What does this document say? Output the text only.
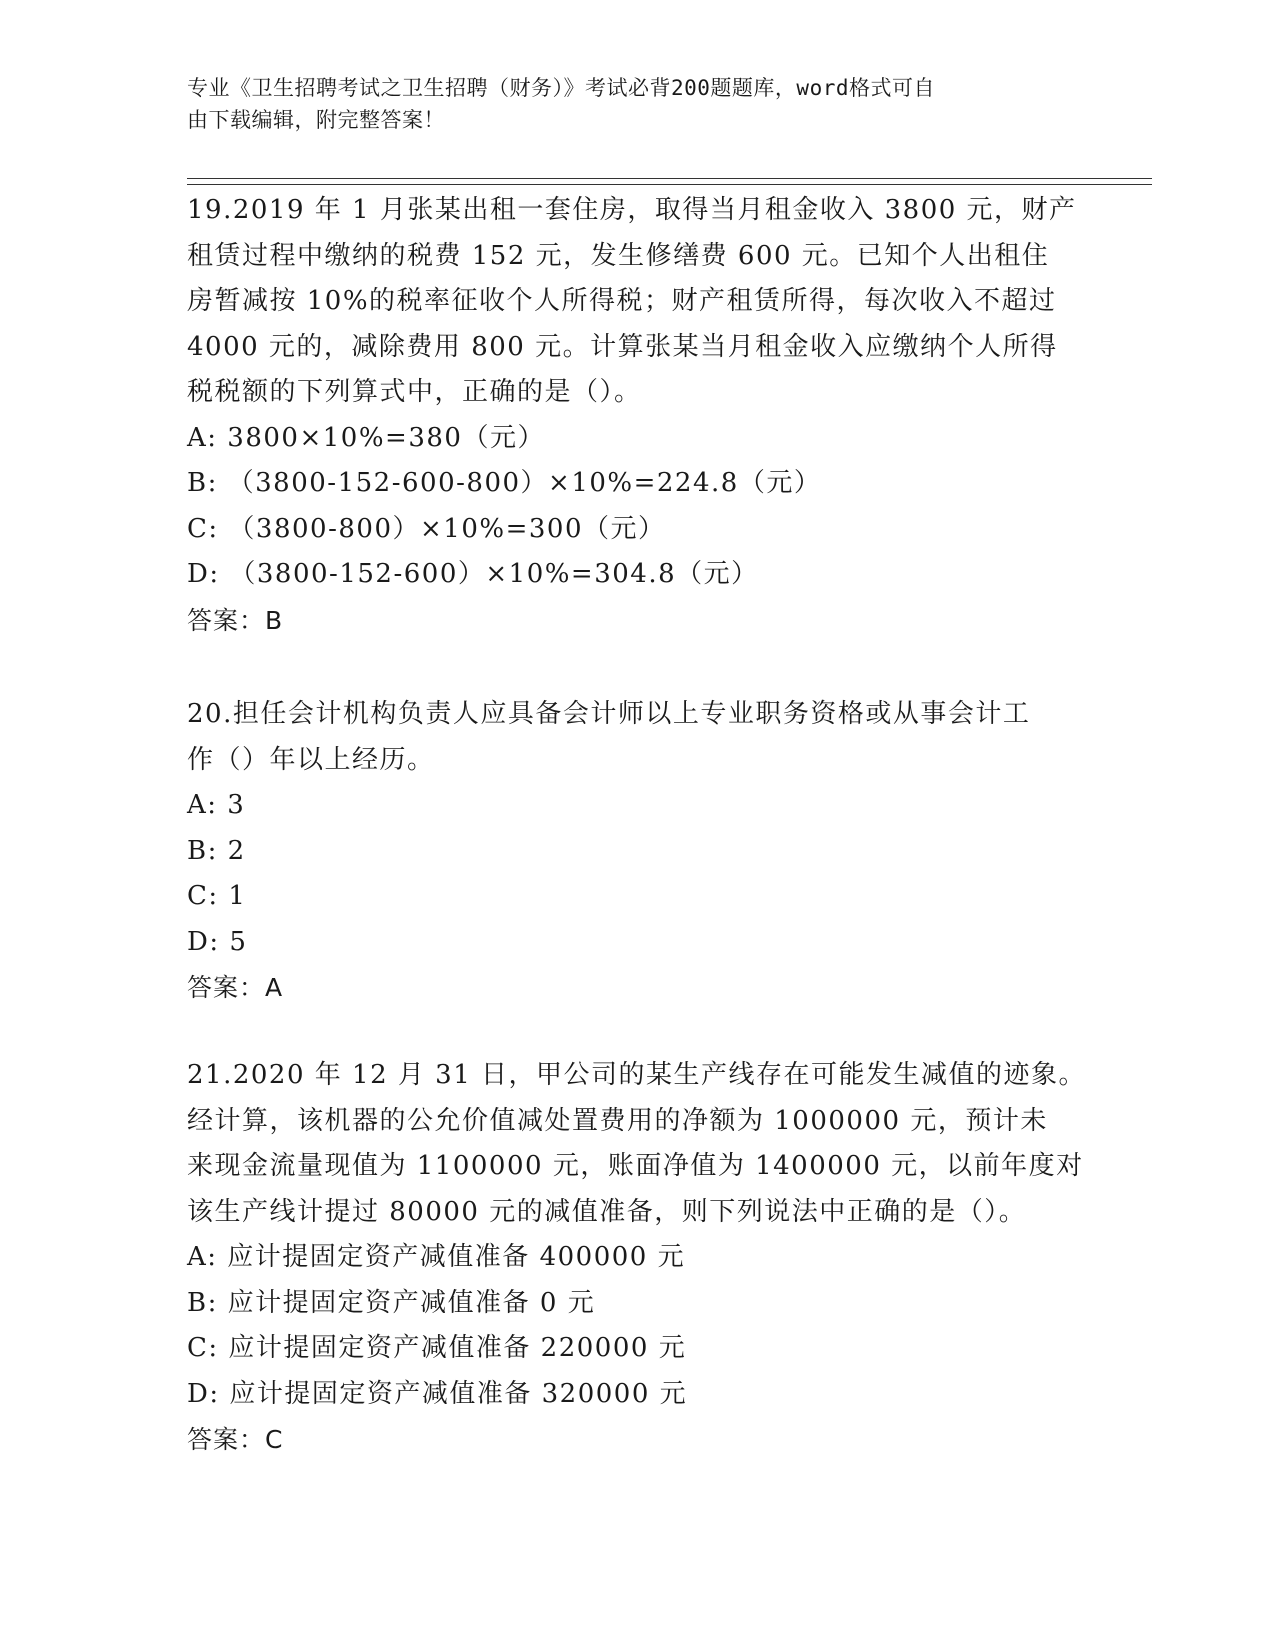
专业《卫生招聘考试之卫生招聘（财务）》考试必背200题题库，word格式可自
由下载编辑，附完整答案！

19.2019 年 1 月张某出租一套住房，取得当月租金收入 3800 元，财产

租赁过程中缴纳的税费 152 元，发生修缮费 600 元。已知个人出租住

房暂减按 10%的税率征收个人所得税；财产租赁所得，每次收入不超过

4000 元的，减除费用 800 元。计算张某当月租金收入应缴纳个人所得

税税额的下列算式中，正确的是（）。

A: 3800×10%=380（元）

B: （3800-152-600-800）×10%=224.8（元）

C: （3800-800）×10%=300（元）

D: （3800-152-600）×10%=304.8（元）

答案：B

20.担任会计机构负责人应具备会计师以上专业职务资格或从事会计工

作（）年以上经历。

A: 3

B: 2

C: 1

D: 5

答案：A

21.2020 年 12 月 31 日，甲公司的某生产线存在可能发生减值的迹象。

经计算，该机器的公允价值减处置费用的净额为 1000000 元，预计未

来现金流量现值为 1100000 元，账面净值为 1400000 元，以前年度对

该生产线计提过 80000 元的减值准备，则下列说法中正确的是（）。

A: 应计提固定资产减值准备 400000 元

B: 应计提固定资产减值准备 0 元

C: 应计提固定资产减值准备 220000 元

D: 应计提固定资产减值准备 320000 元

答案：C
